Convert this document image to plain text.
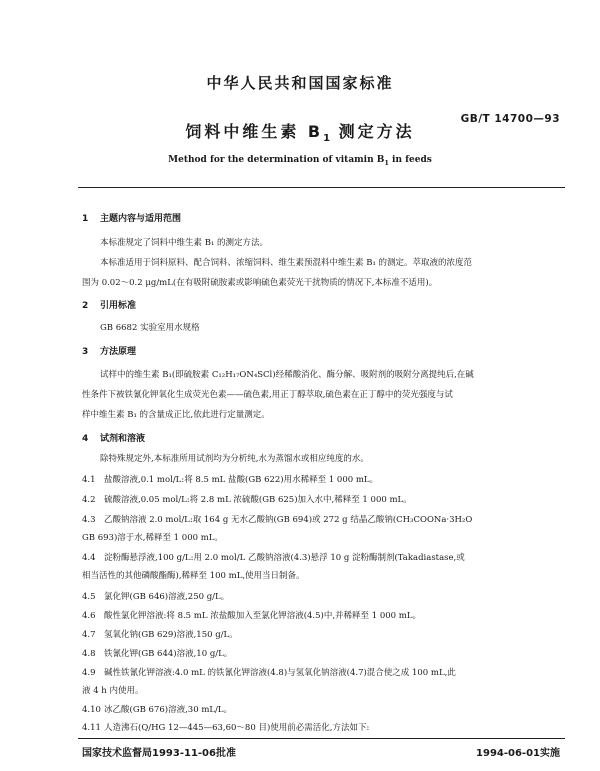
中华人民共和国国家标准
GB/T 14700—93
饲料中维生素 $B_1$ 测定方法
Method for the determination of vitamin $B_1$ in feeds
1 主题内容与适用范围
本标准规定了饲料中维生素 B₁ 的测定方法。
本标准适用于饲料原料、配合饲料、浓缩饲料、维生素预混料中维生素 B₁ 的测定。萃取液的浓度范
围为 0.02～0.2 μg/mL(在有吸附硫胺素或影响硫色素荧光干扰物质的情况下,本标准不适用)。
2 引用标准
GB 6682 实验室用水规格
3 方法原理
试样中的维生素 B₁(即硫胺素 C₁₂H₁₇ON₄SCl)经稀酸消化、酶分解、吸附剂的吸附分离提纯后,在碱
性条件下被铁氰化钾氧化生成荧光色素——硫色素,用正丁醇萃取,硫色素在正丁醇中的荧光强度与试
样中维生素 B₁ 的含量成正比,依此进行定量测定。
4 试剂和溶液
除特殊规定外,本标准所用试剂均为分析纯,水为蒸馏水或相应纯度的水。
4.1 盐酸溶液,0.1 mol/L:将 8.5 mL 盐酸(GB 622)用水稀释至 1 000 mL。
4.2 硫酸溶液,0.05 mol/L:将 2.8 mL 浓硫酸(GB 625)加入水中,稀释至 1 000 mL。
4.3 乙酸钠溶液 2.0 mol/L:取 164 g 无水乙酸钠(GB 694)或 272 g 结晶乙酸钠(CH₃COONa·3H₂O
GB 693)溶于水,稀释至 1 000 mL。
4.4 淀粉酶悬浮液,100 g/L:用 2.0 mol/L 乙酸钠溶液(4.3)悬浮 10 g 淀粉酶制剂(Takadiastase,或
相当活性的其他磷酸酯酶),稀释至 100 mL,使用当日制备。
4.5 氯化钾(GB 646)溶液,250 g/L。
4.6 酸性氯化钾溶液:将 8.5 mL 浓盐酸加入至氯化钾溶液(4.5)中,并稀释至 1 000 mL。
4.7 氢氧化钠(GB 629)溶液,150 g/L。
4.8 铁氰化钾(GB 644)溶液,10 g/L。
4.9 碱性铁氰化钾溶液:4.0 mL 的铁氰化钾溶液(4.8)与氢氧化钠溶液(4.7)混合使之成 100 mL,此
液 4 h 内使用。
4.10 冰乙酸(GB 676)溶液,30 mL/L。
4.11 人造沸石(Q/HG 12—445—63,60～80 目)使用前必需活化,方法如下:
国家技术监督局1993-11-06批准	1994-06-01实施
